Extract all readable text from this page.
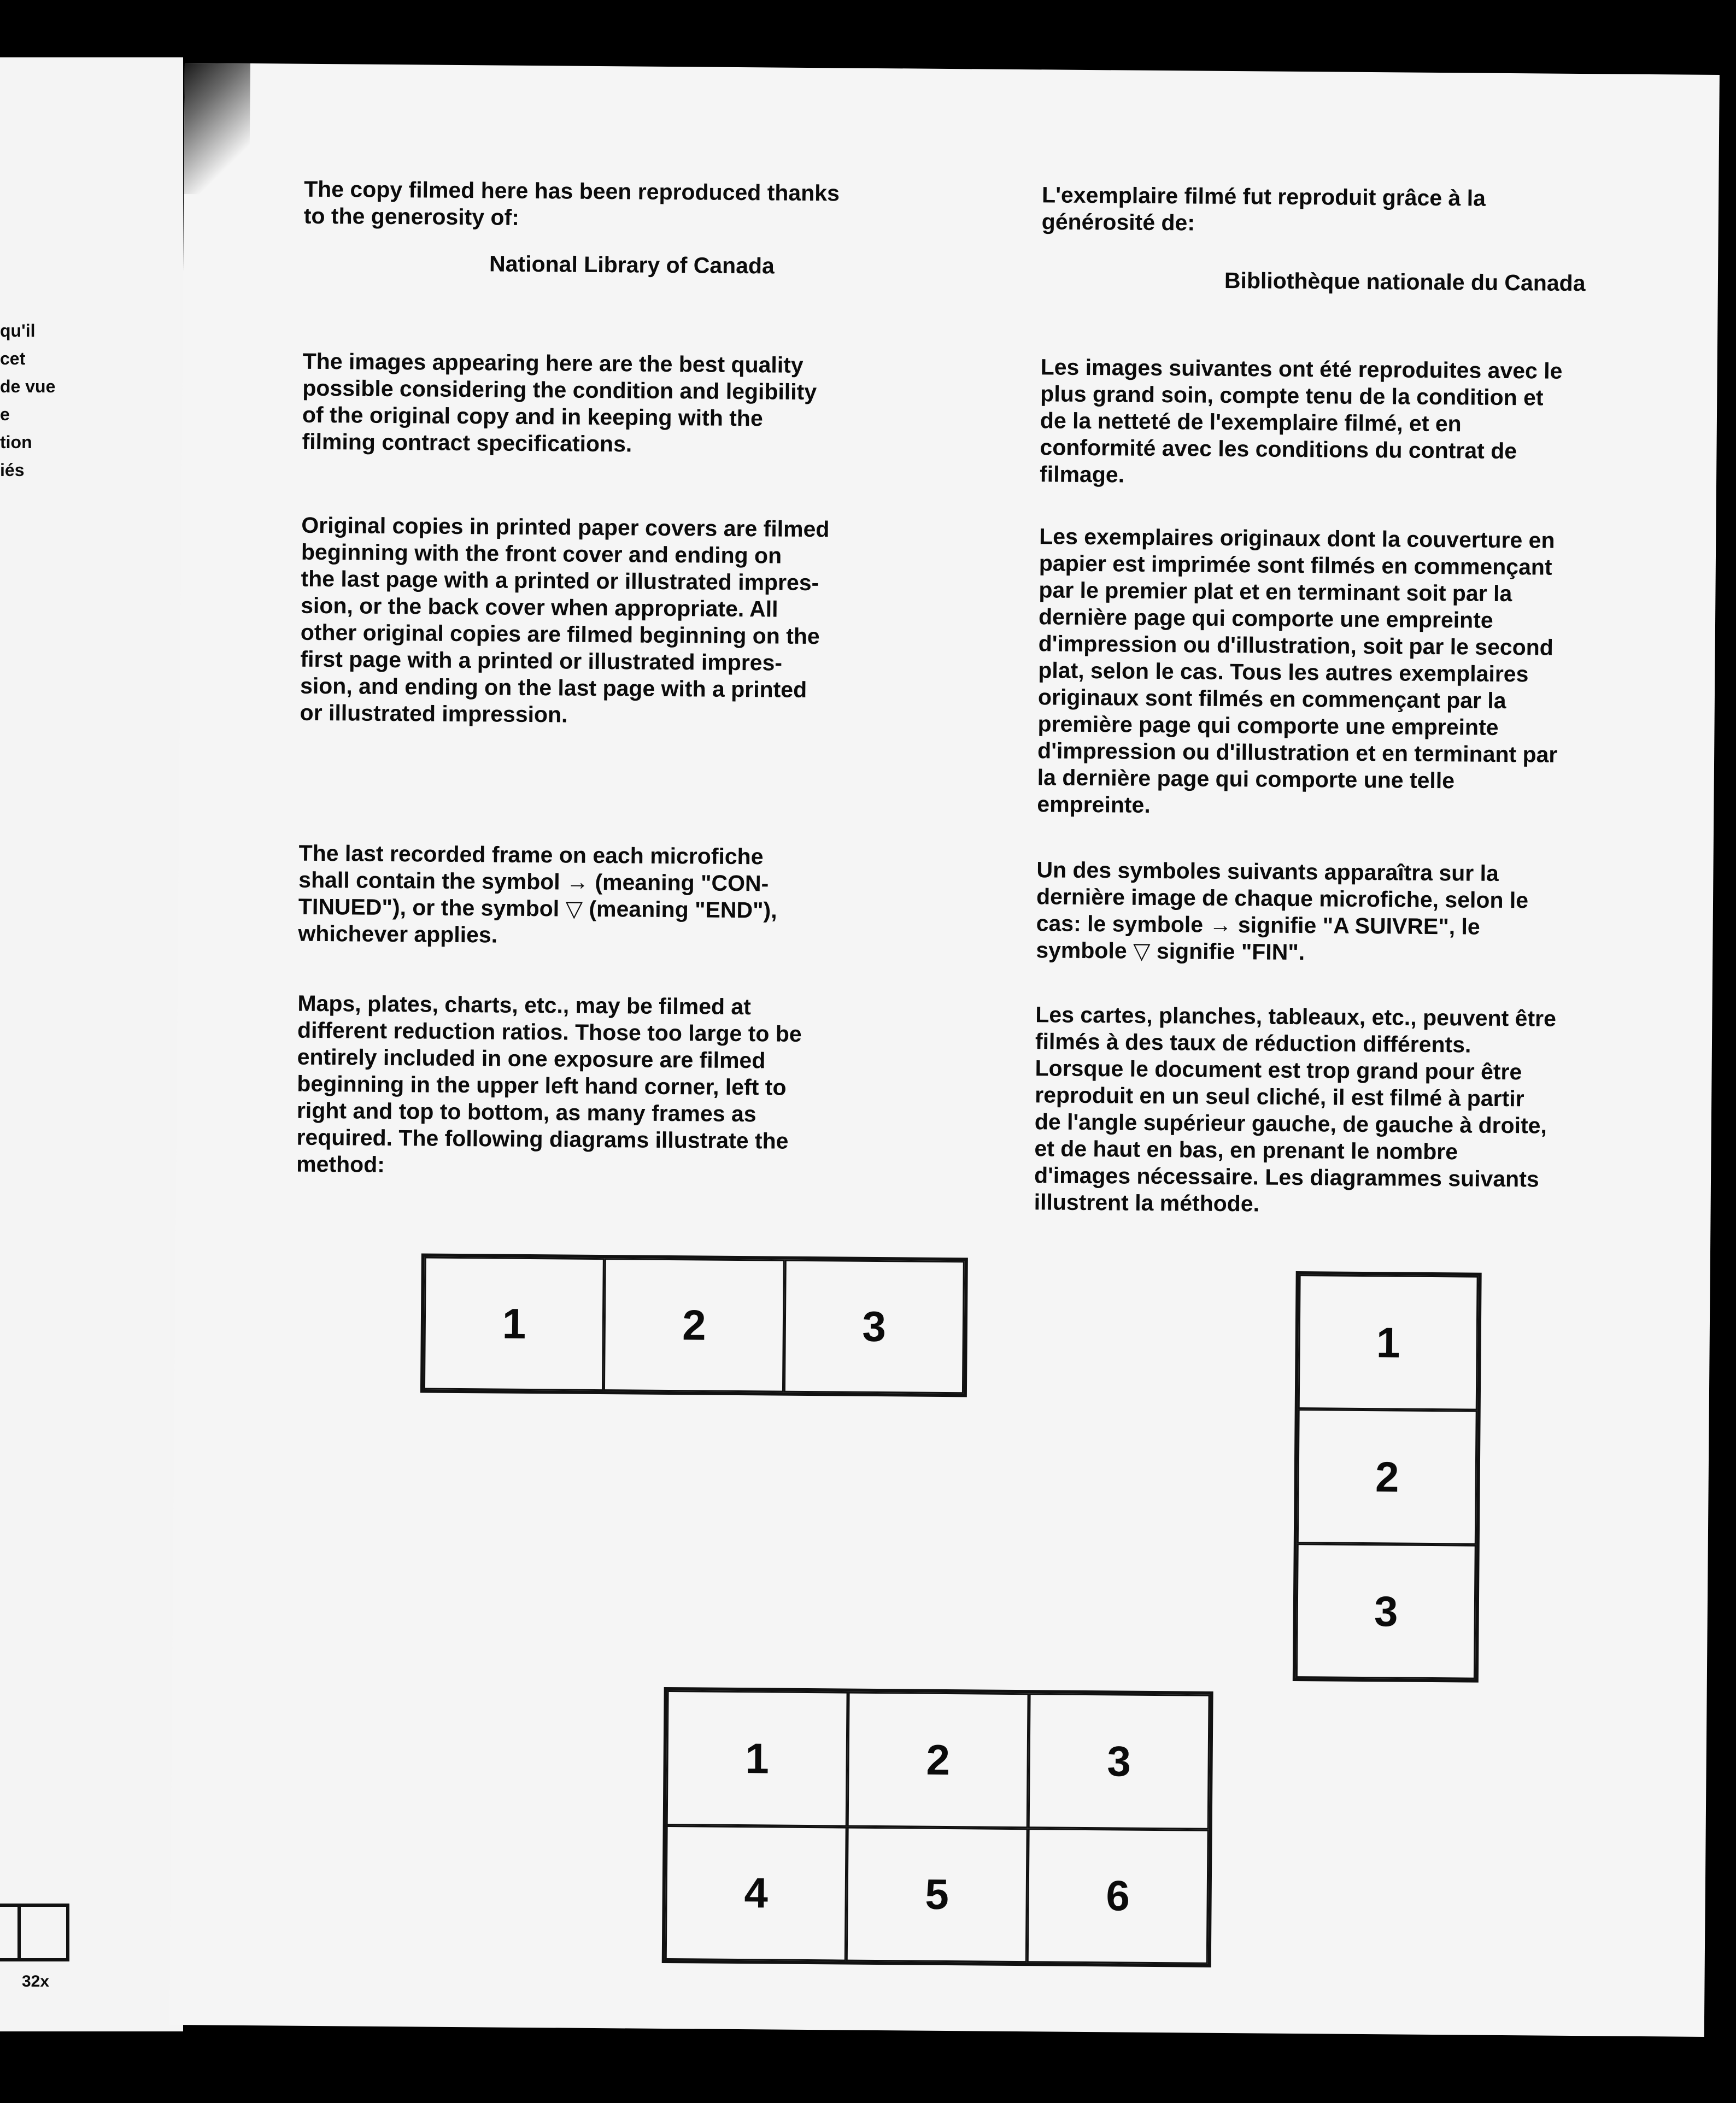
qu'il
cet
de vue
e
tion
iés
32x

The copy filmed here has been reproduced thanks
to the generosity of:

National Library of Canada

The images appearing here are the best quality
possible considering the condition and legibility
of the original copy and in keeping with the
filming contract specifications.

Original copies in printed paper covers are filmed
beginning with the front cover and ending on
the last page with a printed or illustrated impres-
sion, or the back cover when appropriate. All
other original copies are filmed beginning on the
first page with a printed or illustrated impres-
sion, and ending on the last page with a printed
or illustrated impression.

The last recorded frame on each microfiche
shall contain the symbol → (meaning "CON-
TINUED"), or the symbol ▽ (meaning "END"),
whichever applies.

Maps, plates, charts, etc., may be filmed at
different reduction ratios. Those too large to be
entirely included in one exposure are filmed
beginning in the upper left hand corner, left to
right and top to bottom, as many frames as
required. The following diagrams illustrate the
method:

L'exemplaire filmé fut reproduit grâce à la
générosité de:

Bibliothèque nationale du Canada

Les images suivantes ont été reproduites avec le
plus grand soin, compte tenu de la condition et
de la netteté de l'exemplaire filmé, et en
conformité avec les conditions du contrat de
filmage.

Les exemplaires originaux dont la couverture en
papier est imprimée sont filmés en commençant
par le premier plat et en terminant soit par la
dernière page qui comporte une empreinte
d'impression ou d'illustration, soit par le second
plat, selon le cas. Tous les autres exemplaires
originaux sont filmés en commençant par la
première page qui comporte une empreinte
d'impression ou d'illustration et en terminant par
la dernière page qui comporte une telle
empreinte.

Un des symboles suivants apparaîtra sur la
dernière image de chaque microfiche, selon le
cas: le symbole → signifie "A SUIVRE", le
symbole ▽ signifie "FIN".

Les cartes, planches, tableaux, etc., peuvent être
filmés à des taux de réduction différents.
Lorsque le document est trop grand pour être
reproduit en un seul cliché, il est filmé à partir
de l'angle supérieur gauche, de gauche à droite,
et de haut en bas, en prenant le nombre
d'images nécessaire. Les diagrammes suivants
illustrent la méthode.

1	2	3	1
2
3
1	2	3
4	5	6
